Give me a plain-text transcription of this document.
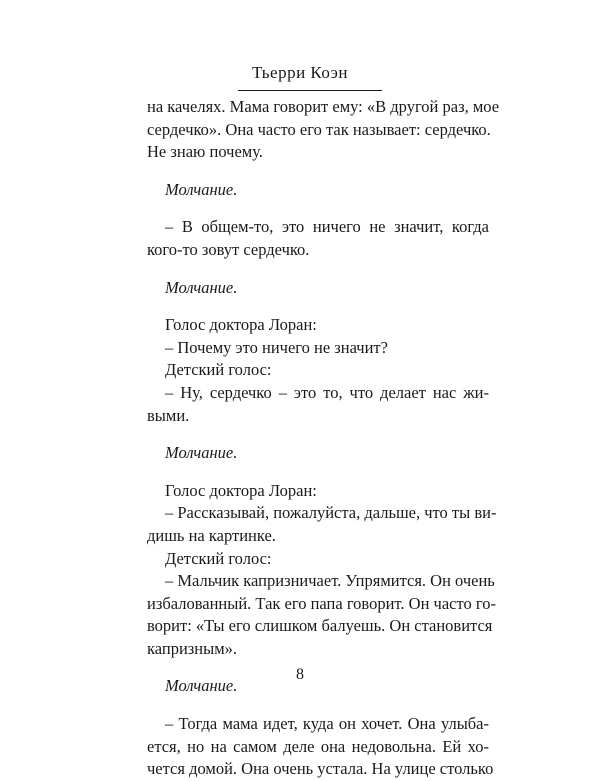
Тьерри Коэн
на качелях. Мама говорит ему: «В другой раз, мое
сердечко». Она часто его так называет: сердечко.
Не знаю почему.
Молчание.
– В общем-то, это ничего не значит, когда
кого-то зовут сердечко.
Молчание.
Голос доктора Лоран:
– Почему это ничего не значит?
Детский голос:
– Ну, сердечко – это то, что делает нас жи-
выми.
Молчание.
Голос доктора Лоран:
– Рассказывай, пожалуйста, дальше, что ты ви-
дишь на картинке.
Детский голос:
– Мальчик капризничает. Упрямится. Он очень
избалованный. Так его папа говорит. Он часто го-
ворит: «Ты его слишком балуешь. Он становится
капризным».
Молчание.
– Тогда мама идет, куда он хочет. Она улыба-
ется, но на самом деле она недовольна. Ей хо-
чется домой. Она очень устала. На улице столько
8
